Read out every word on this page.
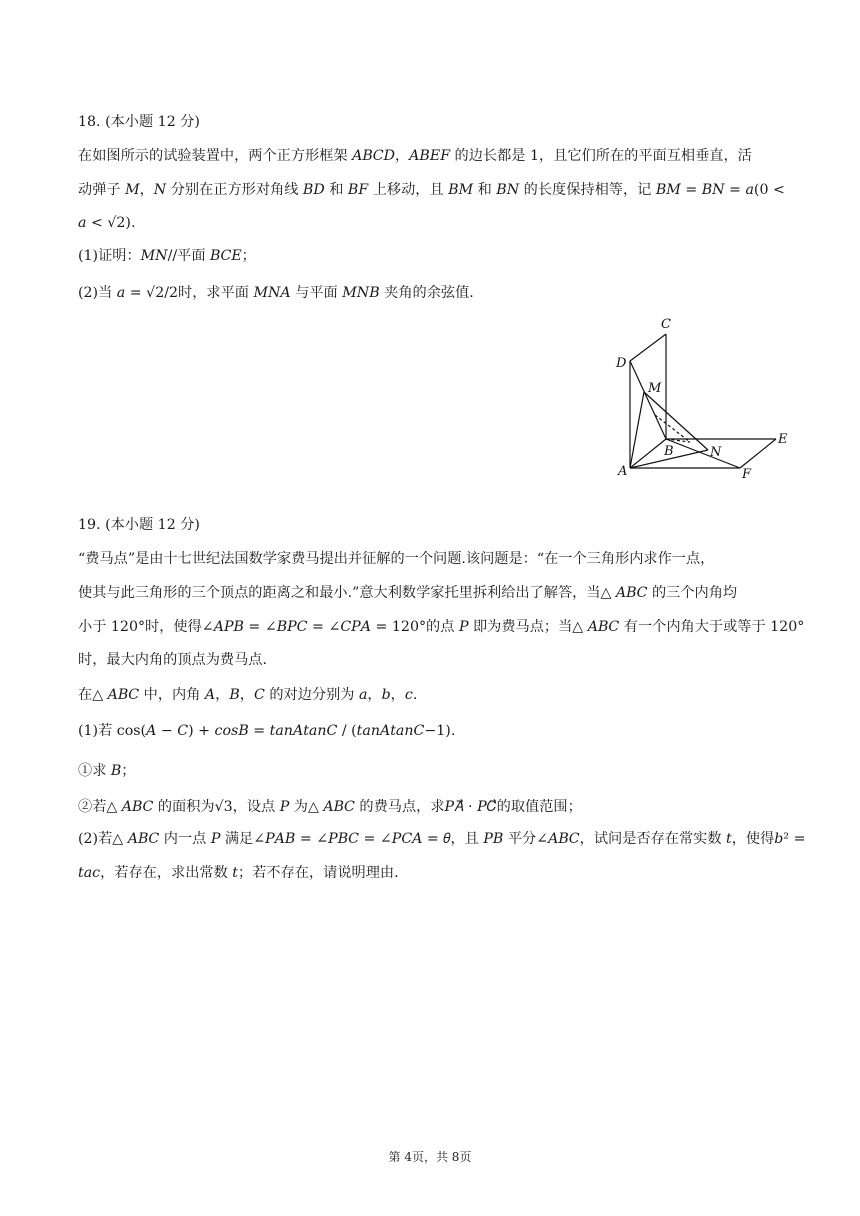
18. (本小题 12 分)
在如图所示的试验装置中，两个正方形框架 𝐴𝐵𝐶𝐷，𝐴𝐵𝐸𝐹 的边长都是 1，且它们所在的平面互相垂直，活
动弹子 𝑀，𝑁 分别在正方形对角线 𝐵𝐷 和 𝐵𝐹 上移动，且 𝐵𝑀 和 𝐵𝑁 的长度保持相等，记 𝐵𝑀 = 𝐵𝑁 = 𝑎(0 <
𝑎 < √2).
(1)证明：𝑀𝑁//平面 𝐵𝐶𝐸；
(2)当 𝑎 = √2/2时，求平面 𝑀𝑁𝐴 与平面 𝑀𝑁𝐵 夹角的余弦值.
C
D
M
B	N
E
A	F
19. (本小题 12 分)
“费马点”是由十七世纪法国数学家费马提出并征解的一个问题.该问题是：“在一个三角形内求作一点，
使其与此三角形的三个顶点的距离之和最小.”意大利数学家托里拆利给出了解答，当△ 𝐴𝐵𝐶 的三个内角均
小于 120°时，使得∠𝐴𝑃𝐵 = ∠𝐵𝑃𝐶 = ∠𝐶𝑃𝐴 = 120°的点 𝑃 即为费马点；当△ 𝐴𝐵𝐶 有一个内角大于或等于 120°
时，最大内角的顶点为费马点.
在△ 𝐴𝐵𝐶 中，内角 𝐴，𝐵，𝐶 的对边分别为 𝑎，𝑏，𝑐.
(1)若 cos(𝐴 − 𝐶) + 𝑐𝑜𝑠𝐵 = 𝑡𝑎𝑛𝐴𝑡𝑎𝑛𝐶 / (𝑡𝑎𝑛𝐴𝑡𝑎𝑛𝐶−1).
①求 𝐵；
②若△ 𝐴𝐵𝐶 的面积为√3，设点 𝑃 为△ 𝐴𝐵𝐶 的费马点，求𝑃𝐴⃗ · 𝑃𝐶⃗的取值范围；
(2)若△ 𝐴𝐵𝐶 内一点 𝑃 满足∠𝑃𝐴𝐵 = ∠𝑃𝐵𝐶 = ∠𝑃𝐶𝐴 = 𝜃，且 𝑃𝐵 平分∠𝐴𝐵𝐶，试问是否存在常实数 𝑡，使得𝑏² =
𝑡𝑎𝑐，若存在，求出常数 𝑡；若不存在，请说明理由.
第 4页，共 8页
